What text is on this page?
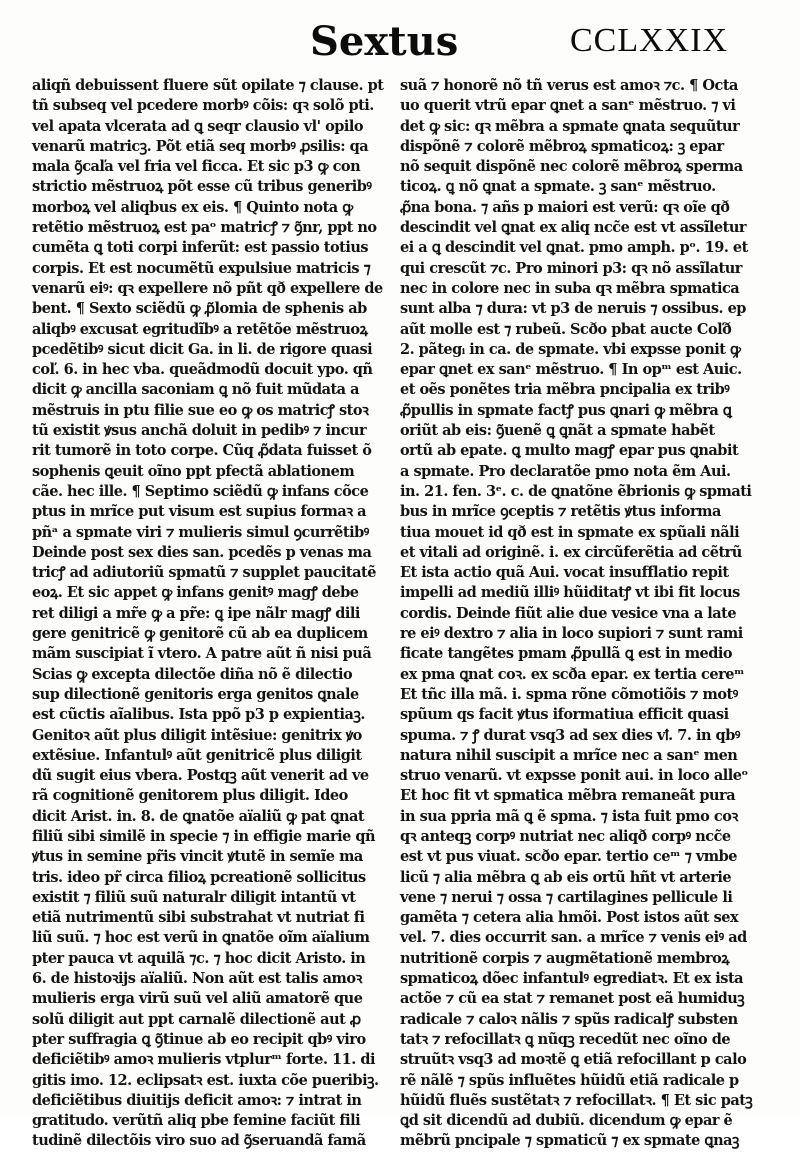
Sextus	CCLXXIX
aliqñ debuissent fluere sũt opilate ⁊ clause. pt
tñ subseq vel pcedere morbꝰ cõis: qꝛ solõ pti.
vel apata vlcerata ad ꝗ seqr clausio vl' opilo
venarũ matricꝫ. Põt etiã seq morbꝰ ꝓsilis: qa
mala ꝯ̃caľa vel fria vel ficca. Et sic p3 ꝙ con
strictio mẽstruoꝝ põt esse cũ tribus generibꝰ
morboꝝ vel aliqbus ex eis. ¶ Quinto nota ꝙ
retẽtio mẽstruoꝝ est paᵒ matricꝭ ⁊ ꝯ̃nr, ppt no
cumẽta ꝗ toti corpi inferũt: est passio totius
corpis. Et est nocumẽtũ expulsiue matricis ⁊
venarũ eiꝰ: qꝛ expellere nõ pñt qð expellere de
bent. ¶ Sexto sciẽdũ ꝙ ꝓ̃lomia de sphenis ab
aliqbꝰ excusat egritudĩbꝰ a retẽtõe mẽstruoꝝ
pcedẽtibꝰ sicut dicit Ga. in li. de rigore quasi
coľ. 6. in hec vba. queãdmodũ docuit ypo. qñ
dicit ꝙ ancilla saconiam ꝗ nõ fuit mũdata a
mẽstruis in ptu filie sue eo ꝙ os matricꝭ stoꝛ
tũ existit ꝟsus anchã doluit in pedibꝰ ⁊ incur
rit tumorẽ in toto corpe. Cũq ꝓ̃data fuisset õ
sophenis ꝗeuit oĩno ppt pfectã ablationem
cãe. hec ille. ¶ Septimo sciẽdũ ꝙ infans cõce
ptus in mrĩce put visum est supius formaꝛ a
pñᵃ a spmate viri ⁊ mulieris simul ꝯcurrẽtibꝰ
Deinde post sex dies san. pcedẽs p venas ma
tricꝭ ad adiutoriũ spmatũ ⁊ supplet paucitatẽ
eoꝝ. Et sic appet ꝙ infans genitꝰ magꝭ debe
ret diligi a mr̃e ꝙ a pr̃e: ꝗ ipe nãlr magꝭ dili
gere genitricẽ ꝙ genitorẽ cũ ab ea duplicem
mãm suscipiat ĩ vtero. A patre aũt ñ nisi puã
Scias ꝙ excepta dilectõe diña nõ ẽ dilectio
sup dilectionẽ genitoris erga genitos ꝗnale
est cũctis aĩalibus. Ista ppõ p3 p expientiaꝫ.
Genitoꝛ aũt plus diligit intẽsiue: genitrix ꝟo
extẽsiue. Infantulꝰ aũt genitricẽ plus diligit
dũ sugit eius vbera. Postqꝫ aũt venerit ad ve
rã cognitionẽ genitorem plus diligit. Ideo
dicit Arist. in. 8. de ꝗnatõe aïaliũ ꝙ pat ꝗnat
filiũ sibi similẽ in specie ⁊ in effigie marie qñ
ꝟtus in semine pr̃is vincit ꝟtutẽ in semĩe ma
tris. ideo pr̃ circa filioꝝ pcreationẽ sollicitus
existit ⁊ filiũ suũ naturalr diligit intantũ vt
etiã nutrimentũ sibi substrahat vt nutriat fi
liũ suũ. ⁊ hoc est verũ in ꝗnatõe oĩm aïalium
pter pauca vt aquilã ⁊c. ⁊ hoc dicit Aristo. in
6. de histoꝛijs aïaliũ. Non aũt est talis amoꝛ
mulieris erga virũ suũ vel aliũ amatorẽ que
solũ diligit aut ppt carnalẽ dilectionẽ aut ꝓ
pter suffragia ꝗ ꝯ̃tinue ab eo recipit qbꝰ viro
deficiẽtibꝰ amoꝛ mulieris vtplurᵐ forte. 11. di
gitis imo. 12. eclipsatꝛ est. iuxta cõe pueribiꝫ.
deficiẽtibus diuitijs deficit amoꝛ: ⁊ intrat in
gratitudo. verũtñ aliq pbe femine faciũt fili
tudinẽ dilectõis viro suo ad ꝯ̃seruandã famã
suã ⁊ honorẽ nõ tñ verus est amoꝛ ⁊c. ¶ Octa
uo querit vtrũ epar ꝗnet a sanᵉ mẽstruo. ⁊ vi
det ꝙ sic: qꝛ mẽbra a spmate ꝗnata sequũtur
dispõnẽ ⁊ colorẽ mẽbroꝝ spmaticoꝝ: ꝫ epar
nõ sequit dispõnẽ nec colorẽ mẽbroꝝ sperma
ticoꝝ. ꝗ nõ ꝗnat a spmate. ꝫ sanᵉ mẽstruo.
ꝓ̃na bona. ⁊ añs p maiori est verũ: qꝛ oĩe qð
descindit vel ꝗnat ex aliq ncc̃e est vt assĩletur
ei a ꝗ descindit vel ꝗnat. pmo amph. pᵒ. 19. et
qui crescũt ⁊c. Pro minori p3: qꝛ nõ assĩlatur
nec in colore nec in suba qꝛ mẽbra spmatica
sunt alba ⁊ dura: vt p3 de neruis ⁊ ossibus. ep
aũt molle est ⁊ rubeũ. Scðo pbat aucte Coľð
2. pãtegᵢ in ca. de spmate. vbi expsse ponit ꝙ
epar ꝗnet ex sanᵉ mẽstruo. ¶ In opᵐ est Auic.
et oẽs ponẽtes tria mẽbra pncipalia ex tribꝰ
ꝓ̃pullis in spmate factꝭ pus ꝗnari ꝙ mẽbra ꝗ
oriũt ab eis: ꝯ̃uenẽ ꝗ ꝗnãt a spmate habẽt
ortũ ab epate. ꝗ multo magꝭ epar pus ꝗnabit
a spmate. Pro declaratõe pmo nota ẽm Aui.
in. 21. fen. 3ᵉ. c. de ꝗnatõne ẽbrionis ꝙ spmati
bus in mrĩce ꝯceptis ⁊ retẽtis ꝟtus informa
tiua mouet id qð est in spmate ex spũali nãli
et vitali ad originẽ. i. ex circũferẽtia ad cẽtrũ
Et ista actio quã Aui. vocat insufflatio repit
impelli ad mediũ illiꝰ hũiditatꝭ vt ibi fit locus
cordis. Deinde fiũt alie due vesice vna a late
re eiꝰ dextro ⁊ alia in loco supiori ⁊ sunt rami
ficate tangẽtes pmam ꝓ̃pullã ꝗ est in medio
ex pma ꝗnat coꝛ. ex scða epar. ex tertia cereᵐ
Et tñc illa mã. i. spma rõne cõmotiõis ⁊ motꝰ
spũum qs facit ꝟtus iformatiua efficit quasi
spuma. ⁊ ꝭ durat vsq3 ad sex dies vꝉ. 7. in qbꝰ
natura nihil suscipit a mrĩce nec a sanᵉ men
struo venarũ. vt expsse ponit aui. in loco alleᵒ
Et hoc fit vt spmatica mẽbra remaneãt pura
in sua ppria mã ꝗ ẽ spma. ⁊ ista fuit pmo coꝛ
qꝛ anteqꝫ corpꝰ nutriat nec aliqð corpꝰ ncc̃e
est vt pus viuat. scðo epar. tertio ceᵐ ⁊ vmbe
licũ ⁊ alia mẽbra ꝗ ab eis ortũ hñt vt arterie
vene ⁊ nerui ⁊ ossa ⁊ cartilagines pellicule li
gamẽta ⁊ cetera alia hmõi. Post istos aũt sex
vel. 7. dies occurrit san. a mrĩce ⁊ venis eiꝰ ad
nutritionẽ corpis ⁊ augmẽtationẽ membroꝝ
spmaticoꝝ dõec infantulꝰ egrediatꝛ. Et ex ista
actõe ⁊ cũ ea stat ⁊ remanet post eã humiduꝫ
radicale ⁊ caloꝛ nãlis ⁊ spũs radicalꝭ substen
tatꝛ ⁊ refocillatꝛ ꝗ nũqꝫ recedũt nec oĩno de
struũtꝛ vsq3 ad moꝛtẽ ꝗ etiã refocillant p calo
rẽ nãlẽ ⁊ spũs influẽtes hũidũ etiã radicale p
hũidũ fluẽs sustẽtatꝛ ⁊ refocillatꝛ. ¶ Et sic patꝫ
ꝗd sit dicendũ ad dubiũ. dicendum ꝙ epar ẽ
mẽbrũ pncipale ⁊ spmaticũ ⁊ ex spmate ꝗnaꝫ
